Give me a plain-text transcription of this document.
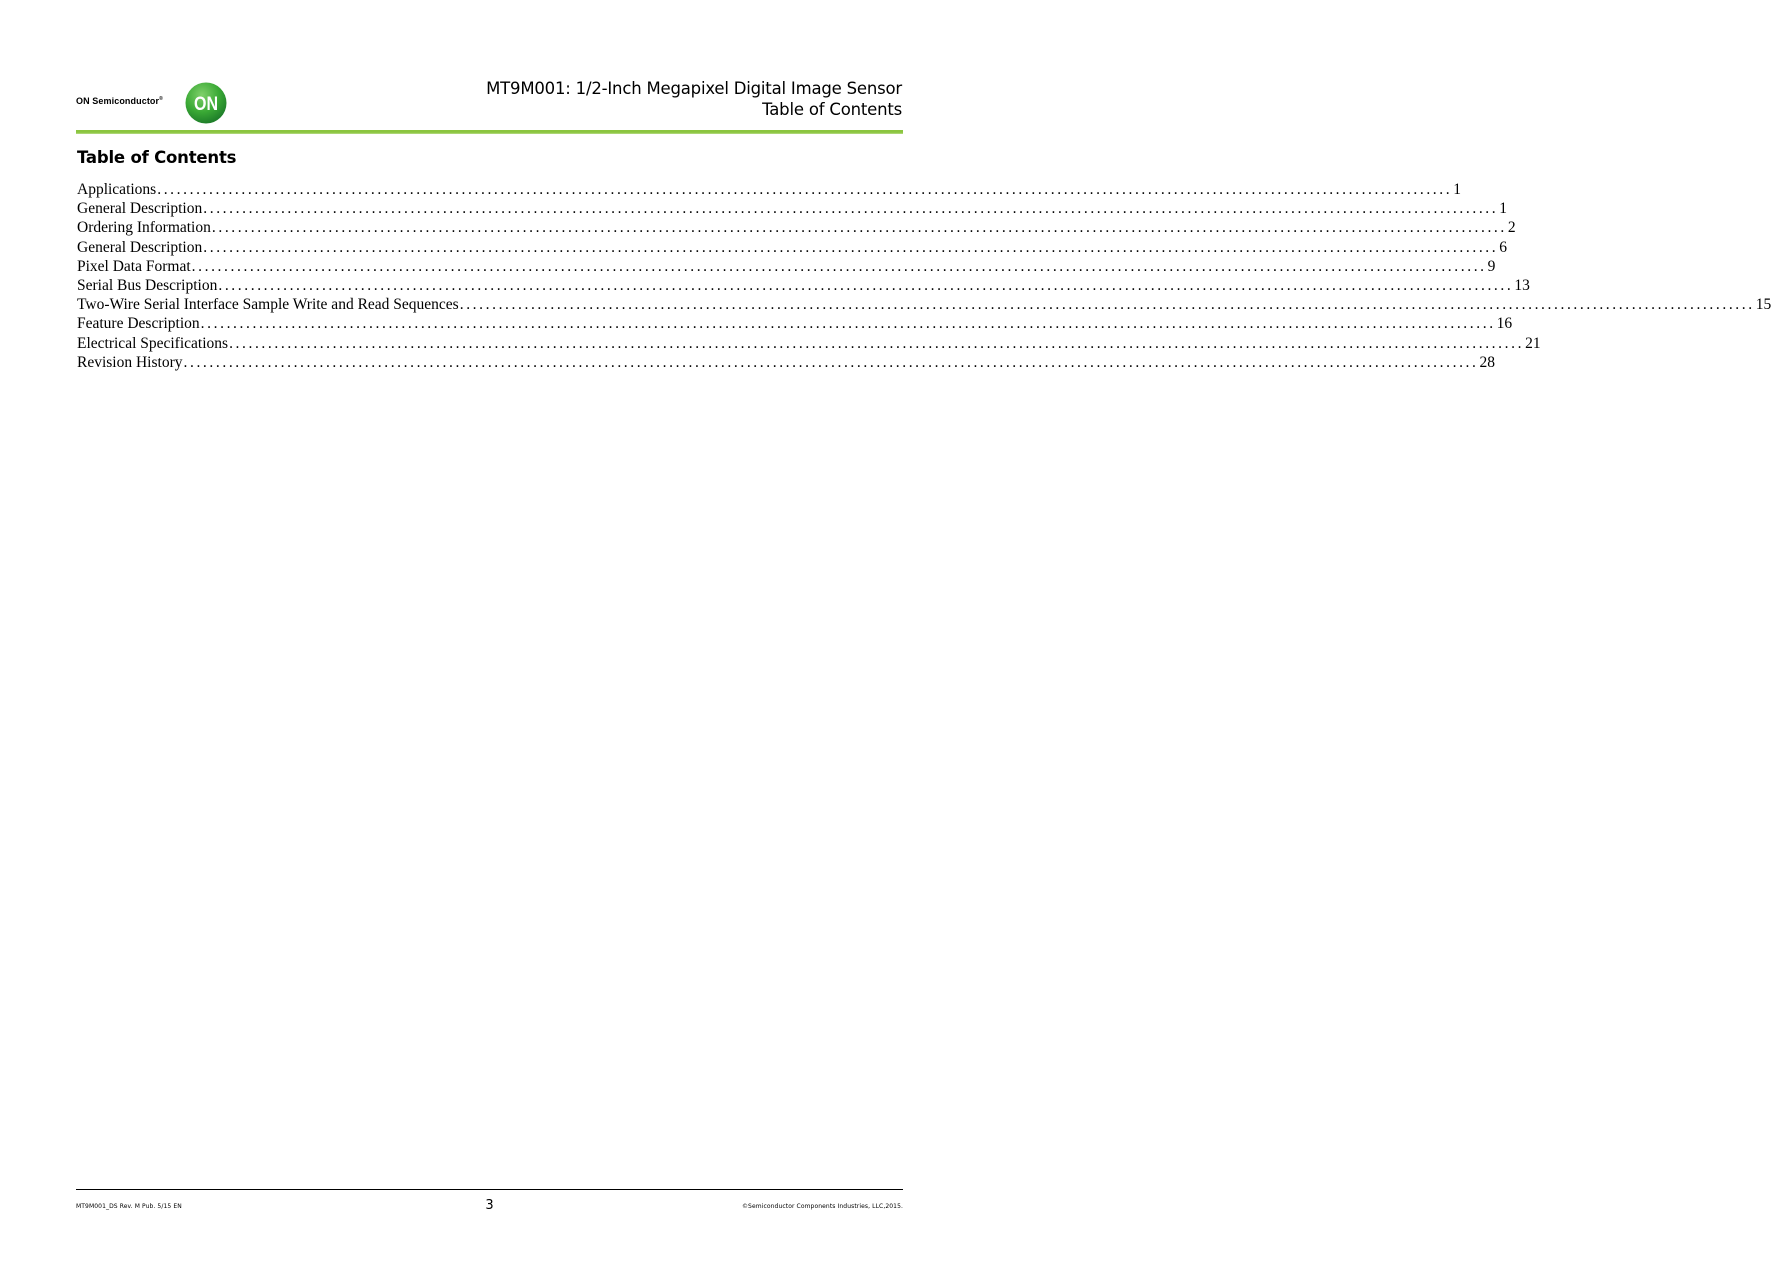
ON Semiconductor® ON
MT9M001: 1/2-Inch Megapixel Digital Image Sensor
Table of Contents
Table of Contents
Applications ........................................................................................................................................................................................................ 1
General Description ........................................................................................................................................................................................................ 1
Ordering Information ........................................................................................................................................................................................................ 2
General Description ........................................................................................................................................................................................................ 6
Pixel Data Format ........................................................................................................................................................................................................ 9
Serial Bus Description ........................................................................................................................................................................................................ 13
Two-Wire Serial Interface Sample Write and Read Sequences ........................................................................................................................................................................................................ 15
Feature Description ........................................................................................................................................................................................................ 16
Electrical Specifications ........................................................................................................................................................................................................ 21
Revision History ........................................................................................................................................................................................................ 28
MT9M001_DS Rev. M Pub. 5/15 EN	3	©Semiconductor Components Industries, LLC,2015.
